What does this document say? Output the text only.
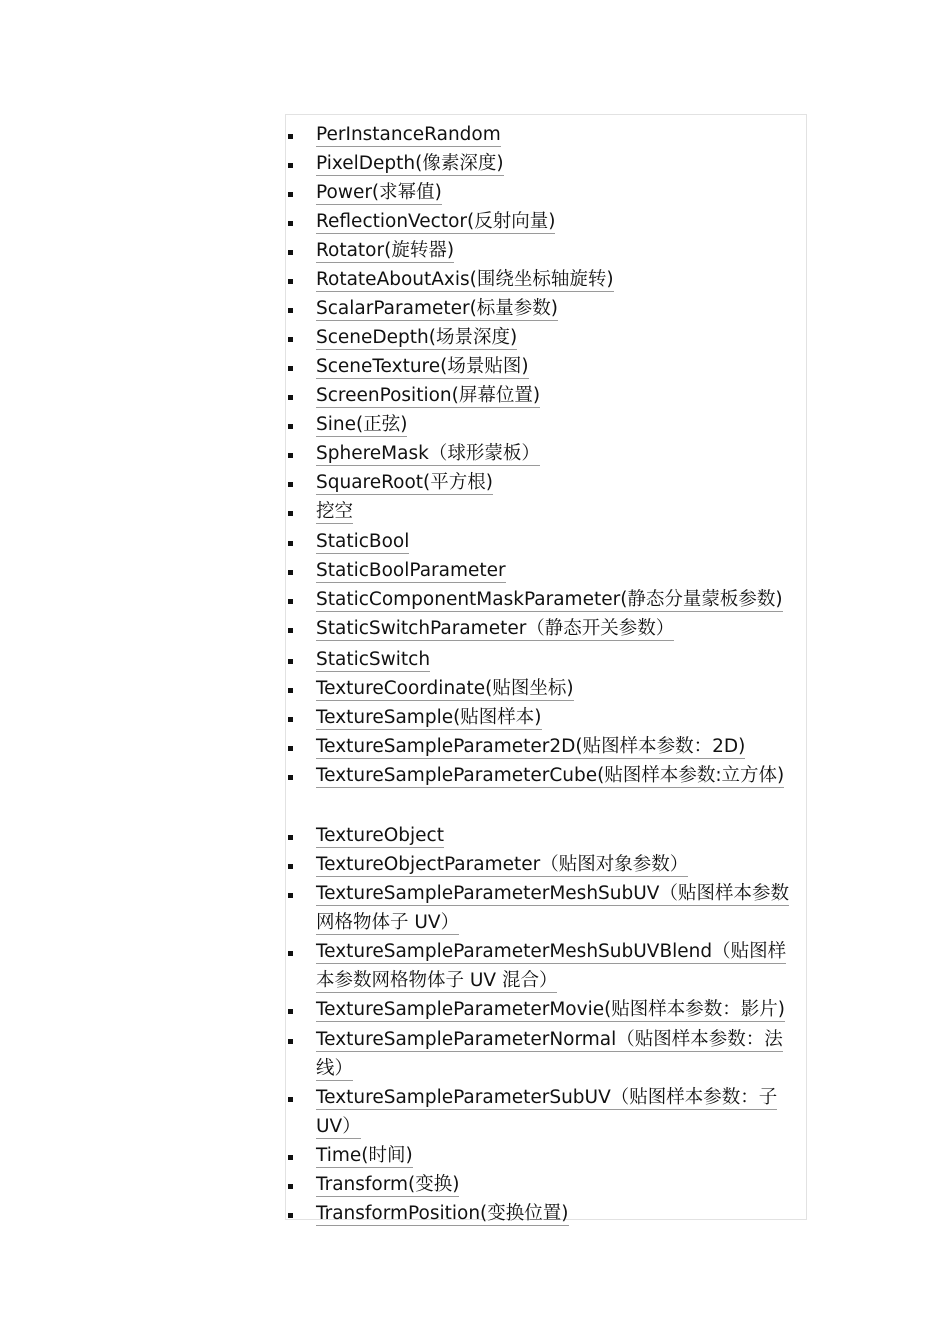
PerInstanceRandom
PixelDepth(像素深度)
Power(求幂值)
ReflectionVector(反射向量)
Rotator(旋转器)
RotateAboutAxis(围绕坐标轴旋转)
ScalarParameter(标量参数)
SceneDepth(场景深度)
SceneTexture(场景贴图)
ScreenPosition(屏幕位置)
Sine(正弦)
SphereMask（球形蒙板）
SquareRoot(平方根)
挖空
StaticBool
StaticBoolParameter
StaticComponentMaskParameter(静态分量蒙板参数)
StaticSwitchParameter（静态开关参数）
StaticSwitch
TextureCoordinate(贴图坐标)
TextureSample(贴图样本)
TextureSampleParameter2D(贴图样本参数：2D)
TextureSampleParameterCube(贴图样本参数:立方体)
TextureObject
TextureObjectParameter（贴图对象参数）
TextureSampleParameterMeshSubUV（贴图样本参数网格物体子 UV）
TextureSampleParameterMeshSubUVBlend（贴图样本参数网格物体子 UV 混合）
TextureSampleParameterMovie(贴图样本参数：影片)
TextureSampleParameterNormal（贴图样本参数：法线）
TextureSampleParameterSubUV（贴图样本参数：子UV）
Time(时间)
Transform(变换)
TransformPosition(变换位置)
